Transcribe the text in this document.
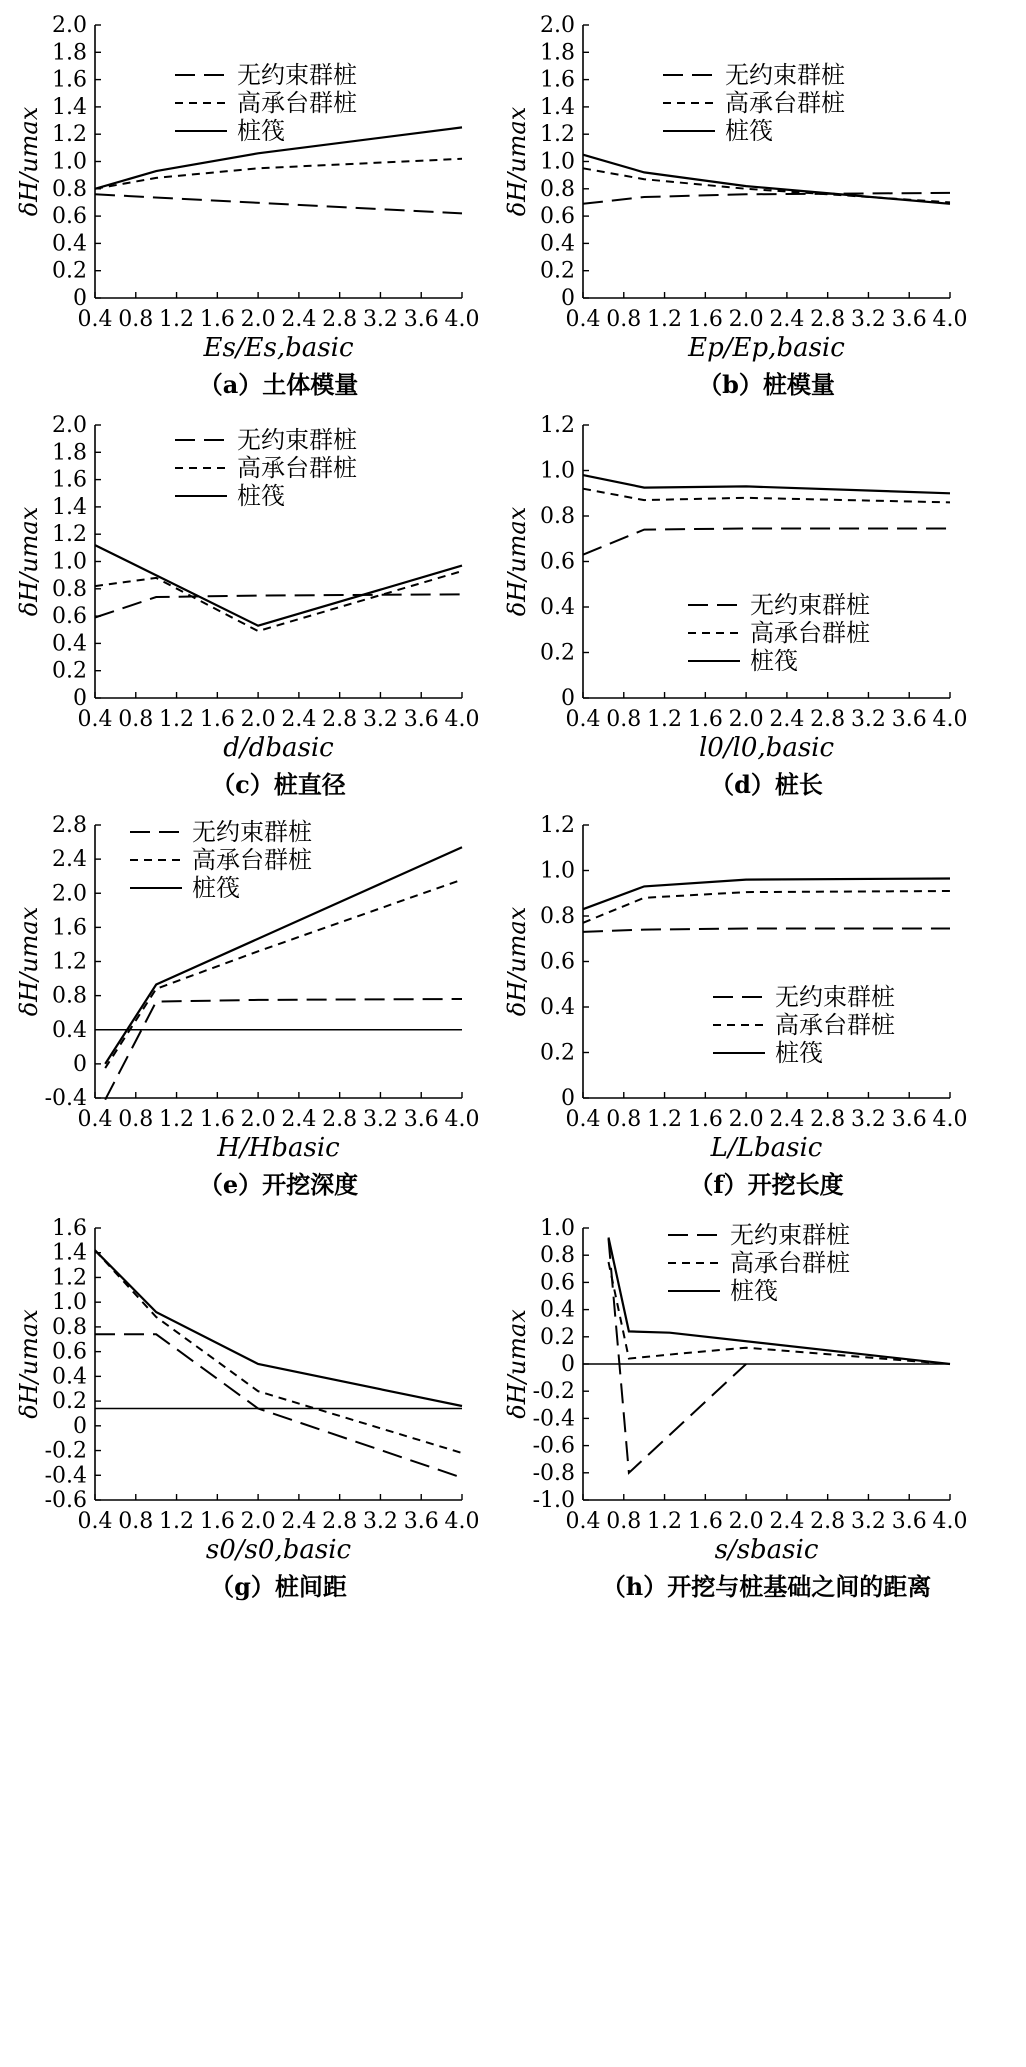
0
0.2
0.4
0.6
0.8
1.0
1.2
1.4
1.6
1.8
2.0
0.4 0.8 1.2 1.6 2.0 2.4 2.8 3.2 3.6 4.0
无约束群桩
高承台群桩
桩筏
Es/Es,basic
δH/umax
（a）土体模量
0
0.2
0.4
0.6
0.8
1.0
1.2
1.4
1.6
1.8
2.0
0.4 0.8 1.2 1.6 2.0 2.4 2.8 3.2 3.6 4.0
无约束群桩
高承台群桩
桩筏
Ep/Ep,basic
δH/umax
（b）桩模量
0
0.2
0.4
0.6
0.8
1.0
1.2
1.4
1.6
1.8
2.0
0.4 0.8 1.2 1.6 2.0 2.4 2.8 3.2 3.6 4.0
无约束群桩
高承台群桩
桩筏
d/dbasic
δH/umax
（c）桩直径
0
0.2
0.4
0.6
0.8
1.0
1.2
0.4 0.8 1.2 1.6 2.0 2.4 2.8 3.2 3.6 4.0
无约束群桩
高承台群桩
桩筏
l0/l0,basic
δH/umax
（d）桩长
-0.4
0
0.4
0.8
1.2
1.6
2.0
2.4
2.8
0.4 0.8 1.2 1.6 2.0 2.4 2.8 3.2 3.6 4.0
无约束群桩
高承台群桩
桩筏
H/Hbasic
δH/umax
（e）开挖深度
0
0.2
0.4
0.6
0.8
1.0
1.2
0.4 0.8 1.2 1.6 2.0 2.4 2.8 3.2 3.6 4.0
无约束群桩
高承台群桩
桩筏
L/Lbasic
δH/umax
（f）开挖长度
-0.6
-0.4
-0.2
0
0.2
0.4
0.6
0.8
1.0
1.2
1.4
1.6
0.4 0.8 1.2 1.6 2.0 2.4 2.8 3.2 3.6 4.0
s0/s0,basic
δH/umax
（g）桩间距
-1.0
-0.8
-0.6
-0.4
-0.2
0
0.2
0.4
0.6
0.8
1.0
0.4 0.8 1.2 1.6 2.0 2.4 2.8 3.2 3.6 4.0
无约束群桩
高承台群桩
桩筏
s/sbasic
δH/umax
（h）开挖与桩基础之间的距离
